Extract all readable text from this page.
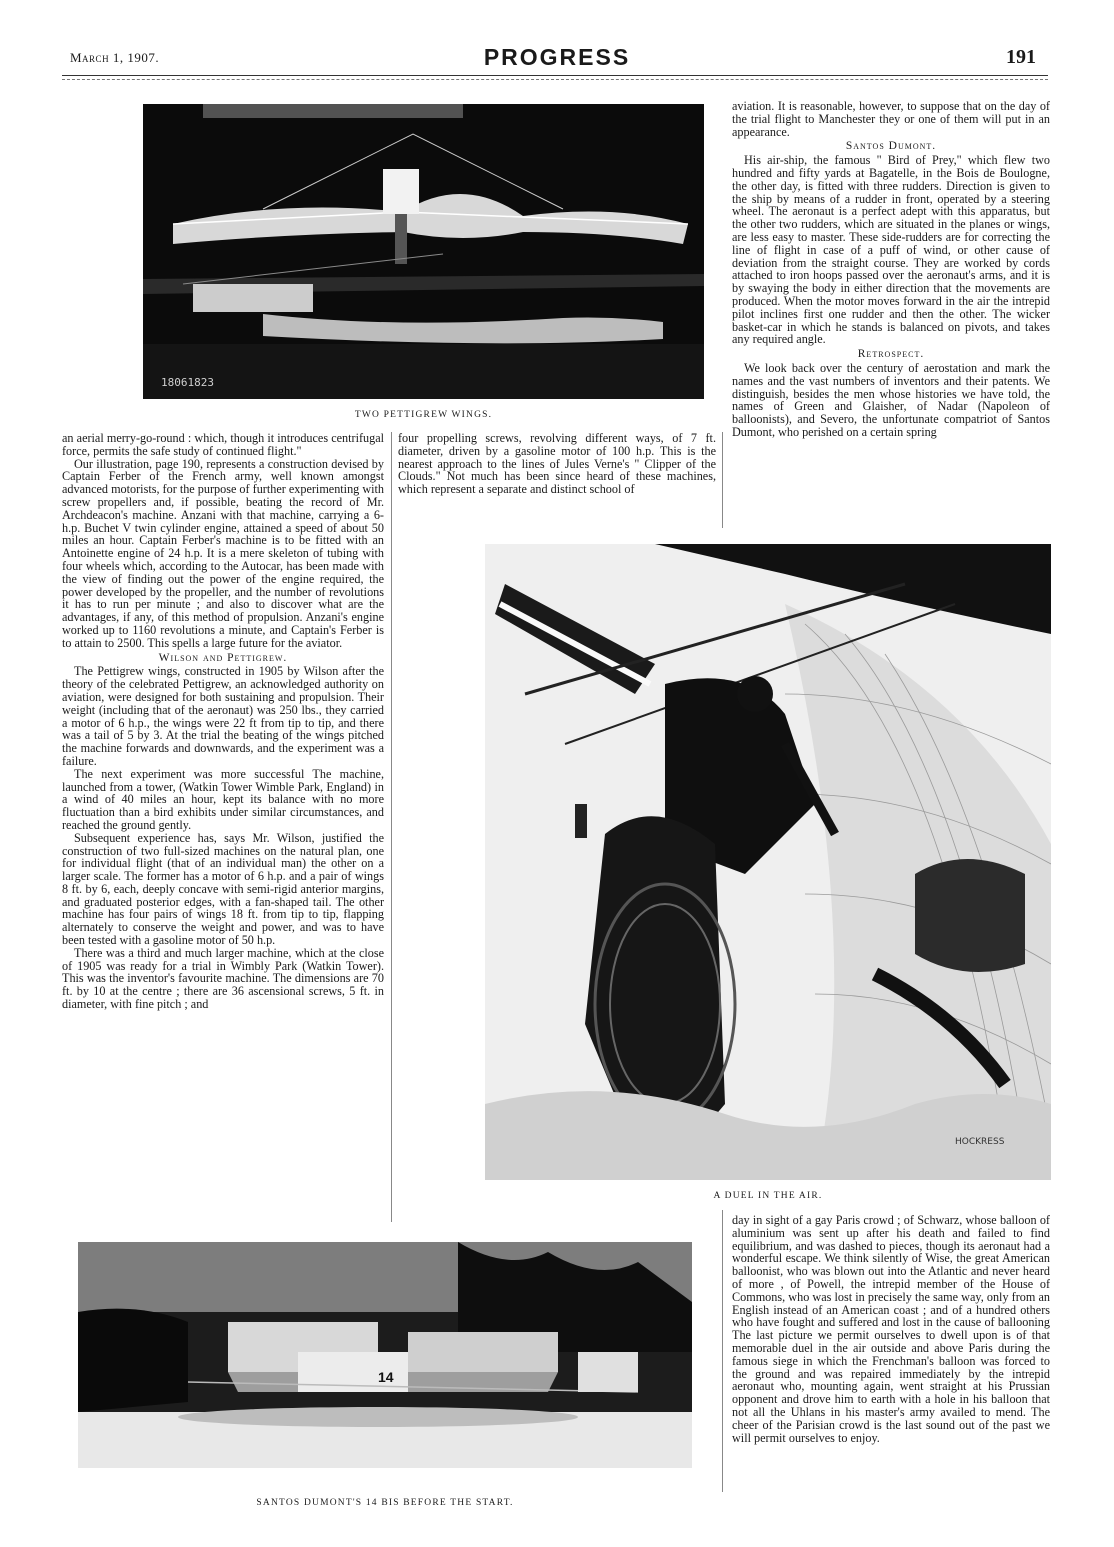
March 1, 1907.	PROGRESS	191
18061823
TWO PETTIGREW WINGS.

an aerial merry-go-round : which, though it introduces centrifugal force, permits the safe study of continued flight."

Our illustration, page 190, represents a construction devised by Captain Ferber of the French army, well known amongst advanced motorists, for the purpose of further experimenting with screw propellers and, if possible, beating the record of Mr. Archdeacon's machine. Anzani with that machine, carrying a 6-h.p. Buchet V twin cylinder engine, attained a speed of about 50 miles an hour. Captain Ferber's machine is to be fitted with an Antoinette engine of 24 h.p. It is a mere skeleton of tubing with four wheels which, according to the Autocar, has been made with the view of finding out the power of the engine required, the power developed by the propeller, and the number of revolutions it has to run per minute ; and also to discover what are the advantages, if any, of this method of propulsion. Anzani's engine worked up to 1160 revolutions a minute, and Captain's Ferber is to attain to 2500. This spells a large future for the aviator.

Wilson and Pettigrew.

The Pettigrew wings, constructed in 1905 by Wilson after the theory of the celebrated Pettigrew, an acknowledged authority on aviation, were designed for both sustaining and propulsion. Their weight (including that of the aeronaut) was 250 lbs., they carried a motor of 6 h.p., the wings were 22 ft from tip to tip, and there was a tail of 5 by 3. At the trial the beating of the wings pitched the machine forwards and downwards, and the experiment was a failure.

The next experiment was more successful The machine, launched from a tower, (Watkin Tower Wimble Park, England) in a wind of 40 miles an hour, kept its balance with no more fluctuation than a bird exhibits under similar circumstances, and reached the ground gently.

Subsequent experience has, says Mr. Wilson, justified the construction of two full-sized machines on the natural plan, one for individual flight (that of an individual man) the other on a larger scale. The former has a motor of 6 h.p. and a pair of wings 8 ft. by 6, each, deeply concave with semi-rigid anterior margins, and graduated posterior edges, with a fan-shaped tail. The other machine has four pairs of wings 18 ft. from tip to tip, flapping alternately to conserve the weight and power, and was to have been tested with a gasoline motor of 50 h.p.

There was a third and much larger machine, which at the close of 1905 was ready for a trial in Wimbly Park (Watkin Tower). This was the inventor's favourite machine. The dimensions are 70 ft. by 10 at the centre ; there are 36 ascensional screws, 5 ft. in diameter, with fine pitch ; and

four propelling screws, revolving different ways, of 7 ft. diameter, driven by a gasoline motor of 100 h.p. This is the nearest approach to the lines of Jules Verne's " Clipper of the Clouds." Not much has been since heard of these machines, which represent a separate and distinct school of

aviation. It is reasonable, however, to suppose that on the day of the trial flight to Manchester they or one of them will put in an appearance.

Santos Dumont.

His air-ship, the famous " Bird of Prey," which flew two hundred and fifty yards at Bagatelle, in the Bois de Boulogne, the other day, is fitted with three rudders. Direction is given to the ship by means of a rudder in front, operated by a steering wheel. The aeronaut is a perfect adept with this apparatus, but the other two rudders, which are situated in the planes or wings, are less easy to master. These side-rudders are for correcting the line of flight in case of a puff of wind, or other cause of deviation from the straight course. They are worked by cords attached to iron hoops passed over the aeronaut's arms, and it is by swaying the body in either direction that the movements are produced. When the motor moves forward in the air the intrepid pilot inclines first one rudder and then the other. The wicker basket-car in which he stands is balanced on pivots, and takes any required angle.

Retrospect.

We look back over the century of aerostation and mark the names and the vast numbers of inventors and their patents. We distinguish, besides the men whose histories we have told, the names of Green and Glaisher, of Nadar (Napoleon of balloonists), and Severo, the unfortunate compatriot of Santos Dumont, who perished on a certain spring

HOCKRESS
A DUEL IN THE AIR.
14
SANTOS DUMONT'S 14 BIS BEFORE THE START.

day in sight of a gay Paris crowd ; of Schwarz, whose balloon of aluminium was sent up after his death and failed to find equilibrium, and was dashed to pieces, though its aeronaut had a wonderful escape. We think silently of Wise, the great American balloonist, who was blown out into the Atlantic and never heard of more , of Powell, the intrepid member of the House of Commons, who was lost in precisely the same way, only from an English instead of an American coast ; and of a hundred others who have fought and suffered and lost in the cause of ballooning The last picture we permit ourselves to dwell upon is of that memorable duel in the air outside and above Paris during the famous siege in which the Frenchman's balloon was forced to the ground and was repaired immediately by the intrepid aeronaut who, mounting again, went straight at his Prussian opponent and drove him to earth with a hole in his balloon that not all the Uhlans in his master's army availed to mend. The cheer of the Parisian crowd is the last sound out of the past we will permit ourselves to enjoy.
